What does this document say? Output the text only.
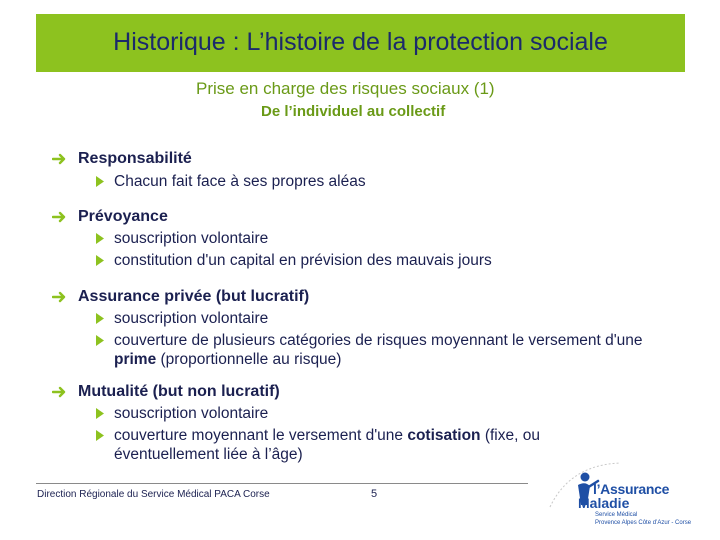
Historique : L’histoire de la protection sociale
Prise en charge des risques sociaux (1)
De l’individuel au collectif
Responsabilité
Chacun fait face à ses propres aléas
Prévoyance
souscription volontaire
constitution d'un capital en prévision des mauvais jours
Assurance privée (but lucratif)
souscription volontaire
couverture de plusieurs catégories de risques moyennant le versement d'une prime (proportionnelle au risque)
Mutualité (but non lucratif)
souscription volontaire
couverture moyennant le versement d'une cotisation (fixe, ou éventuellement liée à l’âge)
Direction Régionale du Service Médical PACA Corse	5	l’Assurance
Maladie
Service Médical
Provence Alpes Côte d’Azur - Corse
